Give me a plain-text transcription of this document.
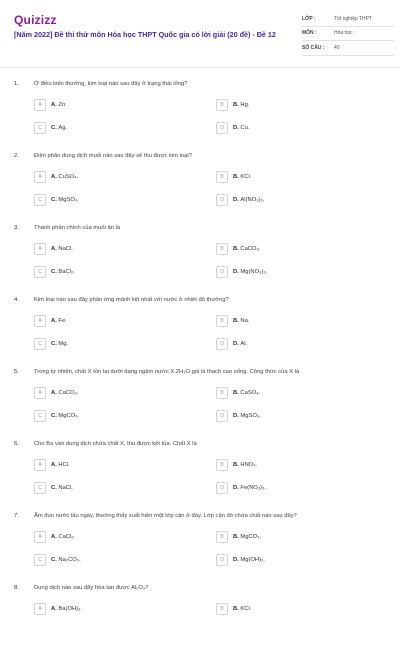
Quizizz
[Năm 2022] Đề thi thử môn Hóa học THPT Quốc gia có lời giải (20 đề) - Đề 12
LỚP :	Tốt nghiệp THPT
MÔN :	Hóa học
SỐ CÂU :	40
1.	Ở điều kiện thường, kim loại nào sau đây ở trạng thái lỏng?
A	A. Zn.	B	B. Hg.
C	C. Ag.	D	D. Cu.
2.	Điện phân dung dịch muối nào sau đây sẽ thu được kim loại?
A	A. CuSO₄.	B	B. KCl.
C	C. MgSO₄.	D	D. Al(NO₃)₃.
3.	Thành phần chính của muối ăn là
A	A. NaCl.	B	B. CaCO₃.
C	C. BaCl₂.	D	D. Mg(NO₃)₂.
4.	Kim loại nào sau đây phản ứng mãnh liệt nhất với nước ở nhiệt độ thường?
A	A. Fe.	B	B. Na.
C	C. Mg.	D	D. Al.
5.	Trong tự nhiên, chất X tồn tại dưới dạng ngậm nước X.2H₂O gọi là thạch cao sống. Công thức của X là
A	A. CaCO₃.	B	B. CaSO₄.
C	C. MgCO₃.	D	D. MgSO₄.
6.	Cho Ba vào dung dịch chứa chất X, thu được kết tủa. Chất X là
A	A. HCl.	B	B. HNO₃.
C	C. NaCl.	D	D. Fe(NO₃)₃.
7.	Ấm đun nước lâu ngày, thường thấy xuất hiện một lớp cặn ở đáy. Lớp cặn đó chứa chất nào sau đây?
A	A. CaCl₂.	B	B. MgCO₃.
C	C. Na₂CO₃.	D	D. Mg(OH)₂.
8.	Dung dịch nào sau đây hòa tan được Al₂O₃?
A	A. Ba(OH)₂.	B	B. KCl.
